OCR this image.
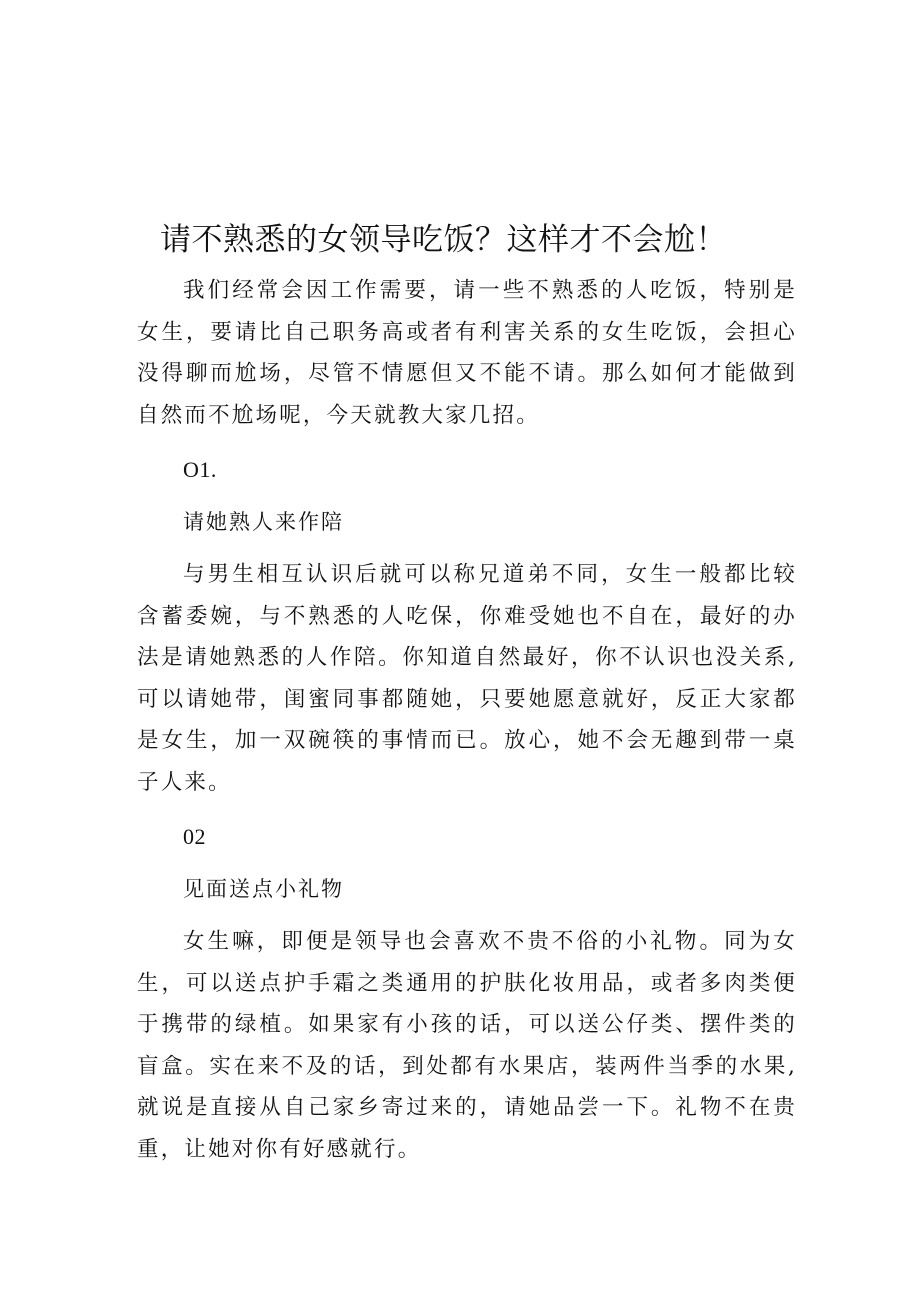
请不熟悉的女领导吃饭？这样才不会尬！

我们经常会因工作需要，请一些不熟悉的人吃饭，特别是女生，要请比自己职务高或者有利害关系的女生吃饭，会担心没得聊而尬场，尽管不情愿但又不能不请。那么如何才能做到自然而不尬场呢，今天就教大家几招。

O1.

请她熟人来作陪

与男生相互认识后就可以称兄道弟不同，女生一般都比较含蓄委婉，与不熟悉的人吃保，你难受她也不自在，最好的办法是请她熟悉的人作陪。你知道自然最好，你不认识也没关系,可以请她带，闺蜜同事都随她，只要她愿意就好，反正大家都是女生，加一双碗筷的事情而已。放心，她不会无趣到带一桌子人来。

02

见面送点小礼物

女生嘛，即便是领导也会喜欢不贵不俗的小礼物。同为女生，可以送点护手霜之类通用的护肤化妆用品，或者多肉类便于携带的绿植。如果家有小孩的话，可以送公仔类、摆件类的盲盒。实在来不及的话，到处都有水果店，装两件当季的水果,就说是直接从自己家乡寄过来的，请她品尝一下。礼物不在贵重，让她对你有好感就行。
